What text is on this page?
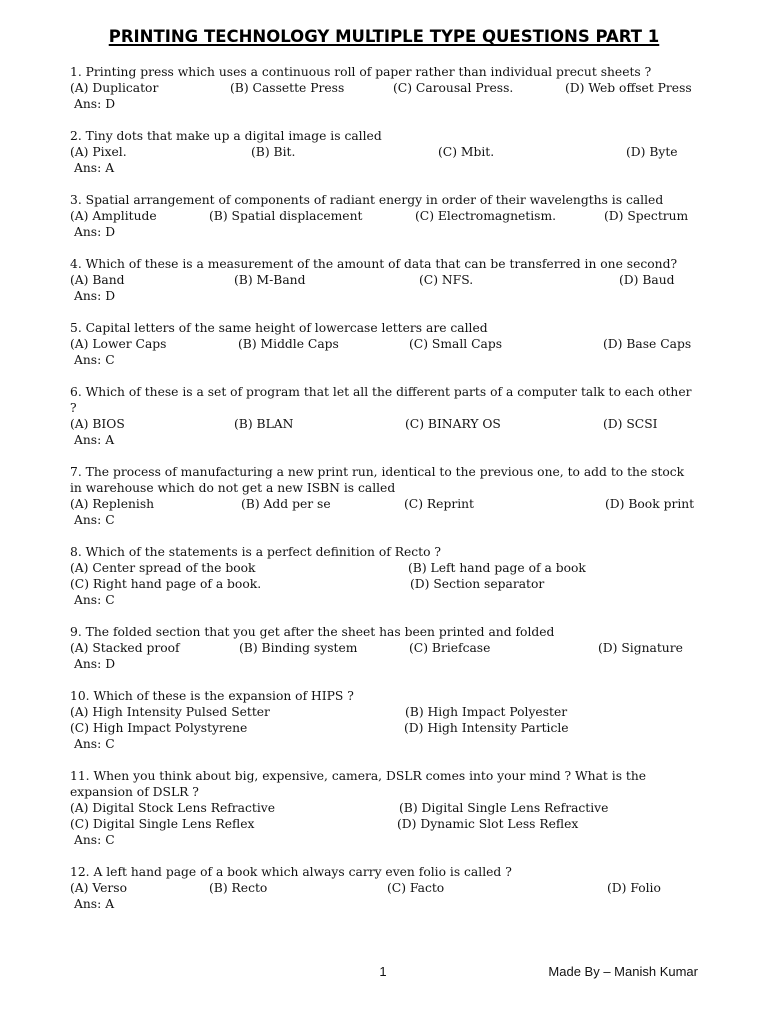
PRINTING TECHNOLOGY MULTIPLE TYPE QUESTIONS PART 1
1. Printing press which uses a continuous roll of paper rather than individual precut sheets ?
(A) Duplicator	(B) Cassette Press	(C) Carousal Press.	(D) Web offset Press
Ans: D
2. Tiny dots that make up a digital image is called
(A) Pixel.	(B) Bit.	(C) Mbit.	(D) Byte
Ans: A
3. Spatial arrangement of components of radiant energy in order of their wavelengths is called
(A) Amplitude	(B) Spatial displacement	(C) Electromagnetism.	(D) Spectrum
Ans: D
4. Which of these is a measurement of the amount of data that can be transferred in one second?
(A) Band	(B) M-Band	(C) NFS.	(D) Baud
Ans: D
5. Capital letters of the same height of lowercase letters are called
(A) Lower Caps	(B) Middle Caps	(C) Small Caps	(D) Base Caps
Ans: C
6. Which of these is a set of program that let all the different parts of a computer talk to each other ?
(A) BIOS	(B) BLAN	(C) BINARY OS	(D) SCSI
Ans: A
7. The process of manufacturing a new print run, identical to the previous one, to add to the stock in warehouse which do not get a new ISBN is called
(A) Replenish	(B) Add per se	(C) Reprint	(D) Book print
Ans: C
8. Which of the statements is a perfect definition of Recto ?
(A) Center spread of the book	(B) Left hand page of a book
(C) Right hand page of a book.	(D) Section separator
Ans: C
9. The folded section that you get after the sheet has been printed and folded
(A) Stacked proof	(B) Binding system	(C) Briefcase	(D) Signature
Ans: D
10. Which of these is the expansion of HIPS ?
(A) High Intensity Pulsed Setter	(B) High Impact Polyester
(C) High Impact Polystyrene	(D) High Intensity Particle
Ans: C
11. When you think about big, expensive, camera, DSLR comes into your mind ? What is the expansion of DSLR ?
(A) Digital Stock Lens Refractive	(B) Digital Single Lens Refractive
(C) Digital Single Lens Reflex	(D) Dynamic Slot Less Reflex
Ans: C
12. A left hand page of a book which always carry even folio is called ?
(A) Verso	(B) Recto	(C) Facto	(D) Folio
Ans: A
1	Made By – Manish Kumar
